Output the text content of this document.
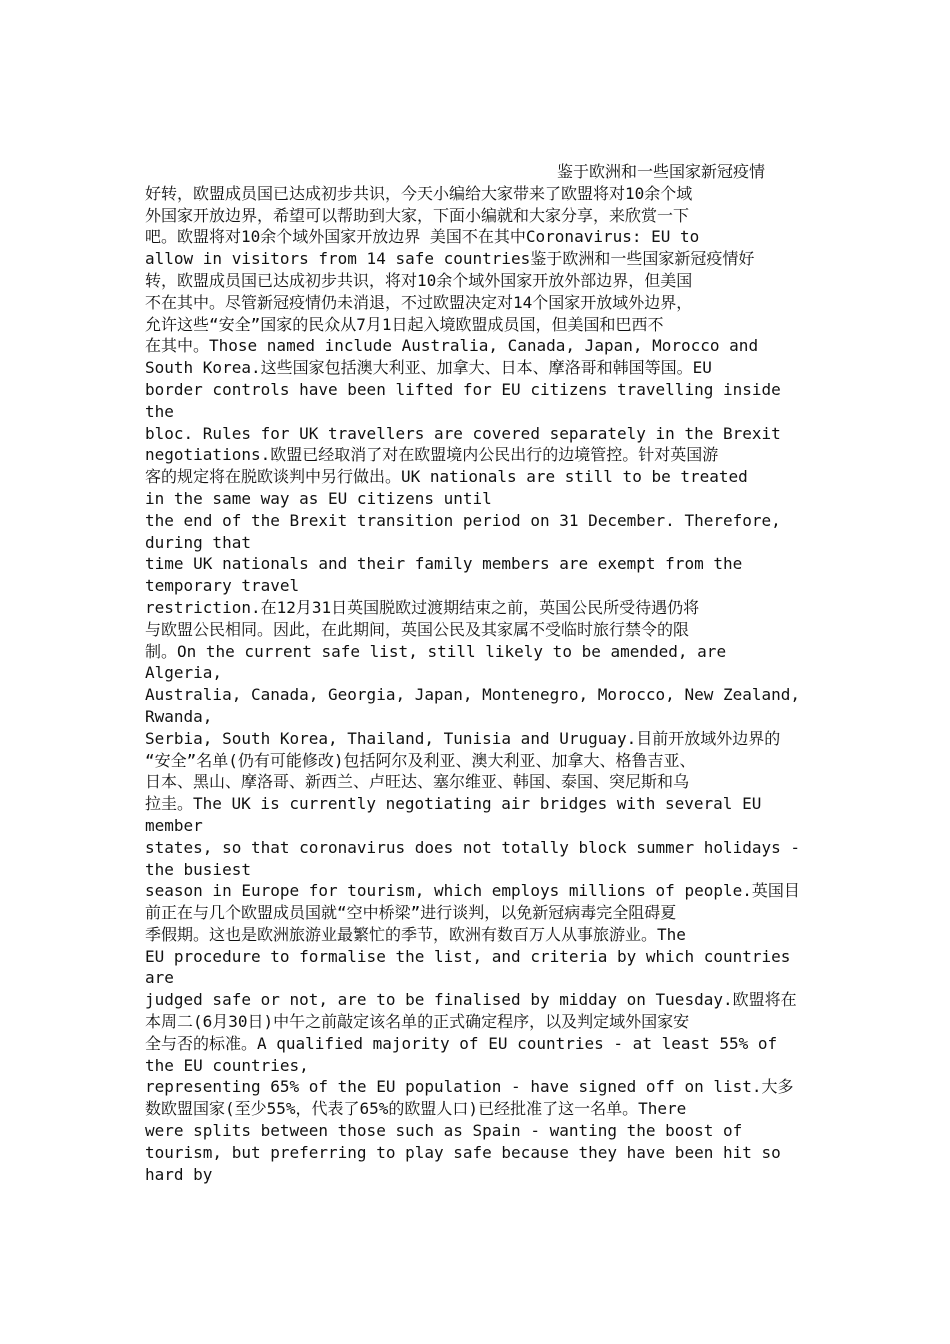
鉴于欧洲和一些国家新冠疫情
好转，欧盟成员国已达成初步共识，今天小编给大家带来了欧盟将对10余个域
外国家开放边界，希望可以帮助到大家，下面小编就和大家分享，来欣赏一下
吧。欧盟将对10余个域外国家开放边界 美国不在其中Coronavirus: EU to
allow in visitors from 14 safe countries鉴于欧洲和一些国家新冠疫情好
转，欧盟成员国已达成初步共识，将对10余个域外国家开放外部边界，但美国
不在其中。尽管新冠疫情仍未消退，不过欧盟决定对14个国家开放域外边界，
允许这些“安全”国家的民众从7月1日起入境欧盟成员国，但美国和巴西不
在其中。Those named include Australia, Canada, Japan, Morocco and
South Korea.这些国家包括澳大利亚、加拿大、日本、摩洛哥和韩国等国。EU
border controls have been lifted for EU citizens travelling inside
the
bloc. Rules for UK travellers are covered separately in the Brexit
negotiations.欧盟已经取消了对在欧盟境内公民出行的边境管控。针对英国游
客的规定将在脱欧谈判中另行做出。UK nationals are still to be treated
in the same way as EU citizens until
the end of the Brexit transition period on 31 December. Therefore,
during that
time UK nationals and their family members are exempt from the
temporary travel
restriction.在12月31日英国脱欧过渡期结束之前，英国公民所受待遇仍将
与欧盟公民相同。因此，在此期间，英国公民及其家属不受临时旅行禁令的限
制。On the current safe list, still likely to be amended, are
Algeria,
Australia, Canada, Georgia, Japan, Montenegro, Morocco, New Zealand,
Rwanda,
Serbia, South Korea, Thailand, Tunisia and Uruguay.目前开放域外边界的
“安全”名单(仍有可能修改)包括阿尔及利亚、澳大利亚、加拿大、格鲁吉亚、
日本、黑山、摩洛哥、新西兰、卢旺达、塞尔维亚、韩国、泰国、突尼斯和乌
拉圭。The UK is currently negotiating air bridges with several EU
member
states, so that coronavirus does not totally block summer holidays -
the busiest
season in Europe for tourism, which employs millions of people.英国目
前正在与几个欧盟成员国就“空中桥梁”进行谈判，以免新冠病毒完全阻碍夏
季假期。这也是欧洲旅游业最繁忙的季节，欧洲有数百万人从事旅游业。The
EU procedure to formalise the list, and criteria by which countries
are
judged safe or not, are to be finalised by midday on Tuesday.欧盟将在
本周二(6月30日)中午之前敲定该名单的正式确定程序，以及判定域外国家安
全与否的标准。A qualified majority of EU countries - at least 55% of
the EU countries,
representing 65% of the EU population - have signed off on list.大多
数欧盟国家(至少55%，代表了65%的欧盟人口)已经批准了这一名单。There
were splits between those such as Spain - wanting the boost of
tourism, but preferring to play safe because they have been hit so
hard by
